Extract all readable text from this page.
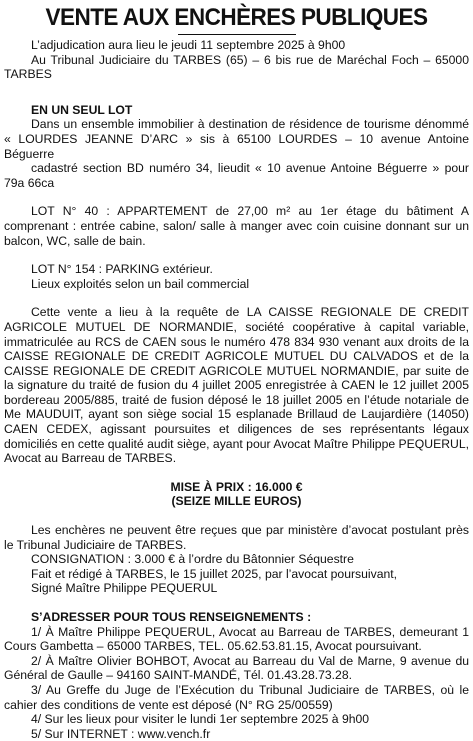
VENTE AUX ENCHÈRES PUBLIQUES

L’adjudication aura lieu le jeudi 11 septembre 2025 à 9h00

Au Tribunal Judiciaire du TARBES (65) – 6 bis rue de Maréchal Foch – 65000 TARBES

EN UN SEUL LOT

Dans un ensemble immobilier à destination de résidence de tourisme dénommé « LOURDES JEANNE D’ARC » sis à 65100 LOURDES – 10 avenue Antoine Béguerre

cadastré section BD numéro 34, lieudit « 10 avenue Antoine Béguerre » pour 79a 66ca

LOT N° 40 : APPARTEMENT de 27,00 m² au 1er étage du bâtiment A comprenant : entrée cabine, salon/ salle à manger avec coin cuisine donnant sur un balcon, WC, salle de bain.

LOT N° 154 : PARKING extérieur.

Lieux exploités selon un bail commercial

Cette vente a lieu à la requête de LA CAISSE REGIONALE DE CREDIT AGRICOLE MUTUEL DE NORMANDIE, société coopérative à capital variable, immatriculée au RCS de CAEN sous le numéro 478 834 930 venant aux droits de la CAISSE REGIONALE DE CREDIT AGRICOLE MUTUEL DU CALVADOS et de la CAISSE REGIONALE DE CREDIT AGRICOLE MUTUEL NORMANDIE, par suite de la signature du traité de fusion du 4 juillet 2005 enregistrée à CAEN le 12 juillet 2005 bordereau 2005/885, traité de fusion déposé le 18 juillet 2005 en l’étude notariale de Me MAUDUIT, ayant son siège social 15 esplanade Brillaud de Laujardière (14050) CAEN CEDEX, agissant poursuites et diligences de ses représentants légaux domiciliés en cette qualité audit siège, ayant pour Avocat Maître Philippe PEQUERUL, Avocat au Barreau de TARBES.

MISE À PRIX : 16.000 €

(SEIZE MILLE EUROS)

Les enchères ne peuvent être reçues que par ministère d’avocat postulant près le Tribunal Judiciaire de TARBES.

CONSIGNATION : 3.000 € à l’ordre du Bâtonnier Séquestre

Fait et rédigé à TARBES, le 15 juillet 2025, par l’avocat poursuivant,

Signé Maître Philippe PEQUERUL

S’ADRESSER POUR TOUS RENSEIGNEMENTS :

1/ À Maître Philippe PEQUERUL, Avocat au Barreau de TARBES, demeurant 1 Cours Gambetta – 65000 TARBES, TEL. 05.62.53.81.15, Avocat poursuivant.

2/ À Maître Olivier BOHBOT, Avocat au Barreau du Val de Marne, 9 avenue du Général de Gaulle – 94160 SAINT-MANDÉ, Tél. 01.43.28.73.28.

3/ Au Greffe du Juge de l’Exécution du Tribunal Judiciaire de TARBES, où le cahier des conditions de vente est déposé (N° RG 25/00559)

4/ Sur les lieux pour visiter le lundi 1er septembre 2025 à 9h00

5/ Sur INTERNET : www.vench.fr
